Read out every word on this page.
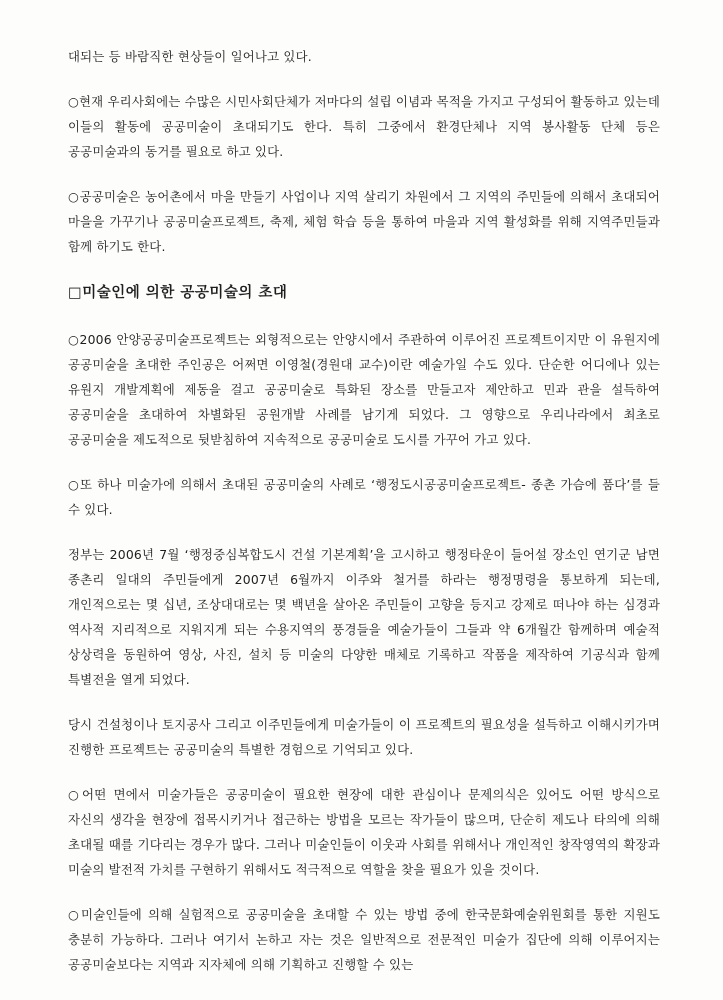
대되는 등 바람직한 현상들이 일어나고 있다.

○현재 우리사회에는 수많은 시민사회단체가 저마다의 설립 이념과 목적을 가지고 구성되어 활동하고 있는데 이들의 활동에 공공미술이 초대되기도 한다. 특히 그중에서 환경단체나 지역 봉사활동 단체 등은 공공미술과의 동거를 필요로 하고 있다.

○공공미술은 농어촌에서 마을 만들기 사업이나 지역 살리기 차원에서 그 지역의 주민들에 의해서 초대되어 마을을 가꾸기나 공공미술프로젝트, 축제, 체험 학습 등을 통하여 마을과 지역 활성화를 위해 지역주민들과 함께 하기도 한다.

□미술인에 의한 공공미술의 초대

○2006 안양공공미술프로젝트는 외형적으로는 안양시에서 주관하여 이루어진 프로젝트이지만 이 유원지에 공공미술을 초대한 주인공은 어쩌면 이영철(경원대 교수)이란 예술가일 수도 있다. 단순한 어디에나 있는 유원지 개발계획에 제동을 걸고 공공미술로 특화된 장소를 만들고자 제안하고 민과 관을 설득하여 공공미술을 초대하여 차별화된 공원개발 사례를 남기게 되었다. 그 영향으로 우리나라에서 최초로 공공미술을 제도적으로 뒷받침하여 지속적으로 공공미술로 도시를 가꾸어 가고 있다.

○또 하나 미술가에 의해서 초대된 공공미술의 사례로 ‘행정도시공공미술프로젝트- 종촌 가슴에 품다’를 들 수 있다.

정부는 2006년 7월 ‘행정중심복합도시 건설 기본계획’을 고시하고 행정타운이 들어설 장소인 연기군 남면 종촌리 일대의 주민들에게 2007년 6월까지 이주와 철거를 하라는 행정명령을 통보하게 되는데, 개인적으로는 몇 십년, 조상대대로는 몇 백년을 살아온 주민들이 고향을 등지고 강제로 떠나야 하는 심경과 역사적 지리적으로 지워지게 되는 수용지역의 풍경들을 예술가들이 그들과 약 6개월간 함께하며 예술적 상상력을 동원하여 영상, 사진, 설치 등 미술의 다양한 매체로 기록하고 작품을 제작하여 기공식과 함께 특별전을 열게 되었다.

당시 건설청이나 토지공사 그리고 이주민들에게 미술가들이 이 프로젝트의 필요성을 설득하고 이해시키가며 진행한 프로젝트는 공공미술의 특별한 경험으로 기억되고 있다.

○어떤 면에서 미술가들은 공공미술이 필요한 현장에 대한 관심이나 문제의식은 있어도 어떤 방식으로 자신의 생각을 현장에 접목시키거나 접근하는 방법을 모르는 작가들이 많으며, 단순히 제도나 타의에 의해 초대될 때를 기다리는 경우가 많다. 그러나 미술인들이 이웃과 사회를 위해서나 개인적인 창작영역의 확장과 미술의 발전적 가치를 구현하기 위해서도 적극적으로 역할을 찾을 필요가 있을 것이다.

○미술인들에 의해 실험적으로 공공미술을 초대할 수 있는 방법 중에 한국문화예술위원회를 통한 지원도 충분히 가능하다. 그러나 여기서 논하고 자는 것은 일반적으로 전문적인 미술가 집단에 의해 이루어지는 공공미술보다는 지역과 지자체에 의해 기획하고 진행할 수 있는
